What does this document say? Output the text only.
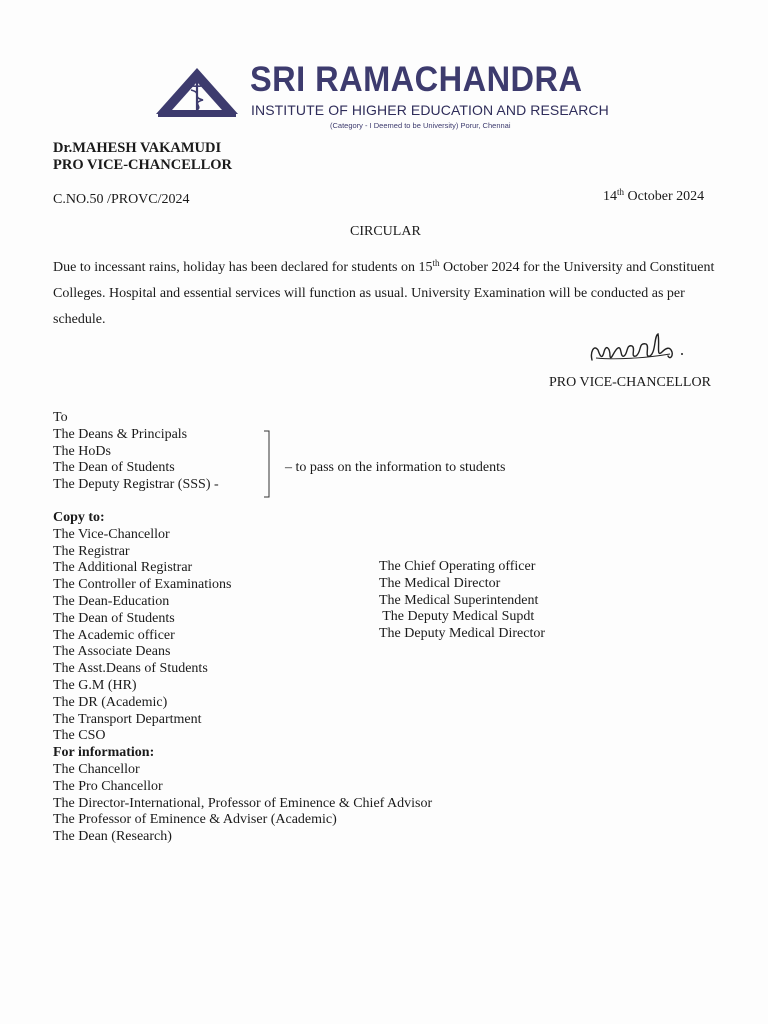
SRI RAMACHANDRA
INSTITUTE OF HIGHER EDUCATION AND RESEARCH
(Category - I Deemed to be University) Porur, Chennai
Dr.MAHESH VAKAMUDI
PRO VICE-CHANCELLOR
C.NO.50 /PROVC/2024	14th October 2024
CIRCULAR
Due to incessant rains, holiday has been declared for students on 15th October 2024 for the University and Constituent Colleges. Hospital and essential services will function as usual. University Examination will be conducted as per schedule.
PRO VICE-CHANCELLOR
To
The Deans & Principals
The HoDs
The Dean of Students
The Deputy Registrar (SSS) -
– to pass on the information to students
Copy to:
The Vice-Chancellor
The Registrar
The Additional Registrar
The Controller of Examinations
The Dean-Education
The Dean of Students
The Academic officer
The Associate Deans
The Asst.Deans of Students
The G.M (HR)
The DR (Academic)
The Transport Department
The CSO
For information:
The Chancellor
The Pro Chancellor
The Director-International, Professor of Eminence & Chief Advisor
The Professor of Eminence & Adviser (Academic)
The Dean (Research)
The Chief Operating officer
The Medical Director
The Medical Superintendent
The Deputy Medical Supdt
The Deputy Medical Director
